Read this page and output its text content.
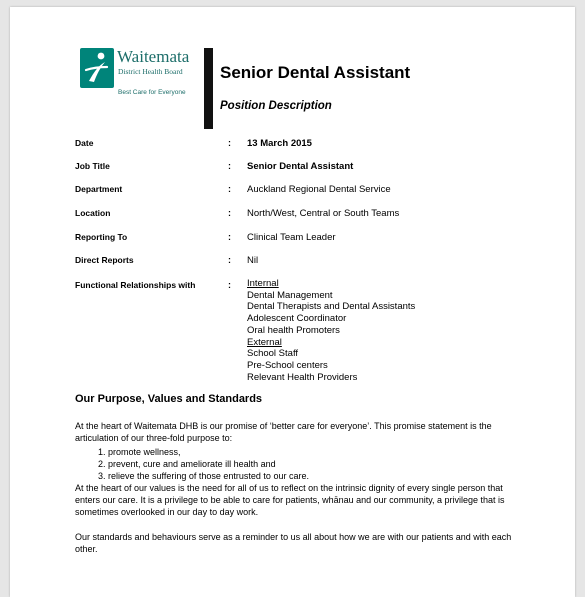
Waitemata
District Health Board
Best Care for Everyone
Senior Dental Assistant
Position Description
Date	: 13 March 2015
Job Title	: Senior Dental Assistant
Department	: Auckland Regional Dental Service
Location	: North/West, Central or South Teams
Reporting To	: Clinical Team Leader
Direct Reports	: Nil
Functional Relationships with	: Internal
Dental Management
Dental Therapists and Dental Assistants
Adolescent Coordinator
Oral health Promoters
External
School Staff
Pre-School centers
Relevant Health Providers
Our Purpose, Values and Standards
At the heart of Waitemata DHB is our promise of ‘better care for everyone’. This promise statement is the articulation of our three-fold purpose to:
1. promote wellness,
2. prevent, cure and ameliorate ill health and
3. relieve the suffering of those entrusted to our care.
At the heart of our values is the need for all of us to reflect on the intrinsic dignity of every single person that enters our care. It is a privilege to be able to care for patients, whānau and our community, a privilege that is sometimes overlooked in our day to day work.
Our standards and behaviours serve as a reminder to us all about how we are with our patients and with each other.
